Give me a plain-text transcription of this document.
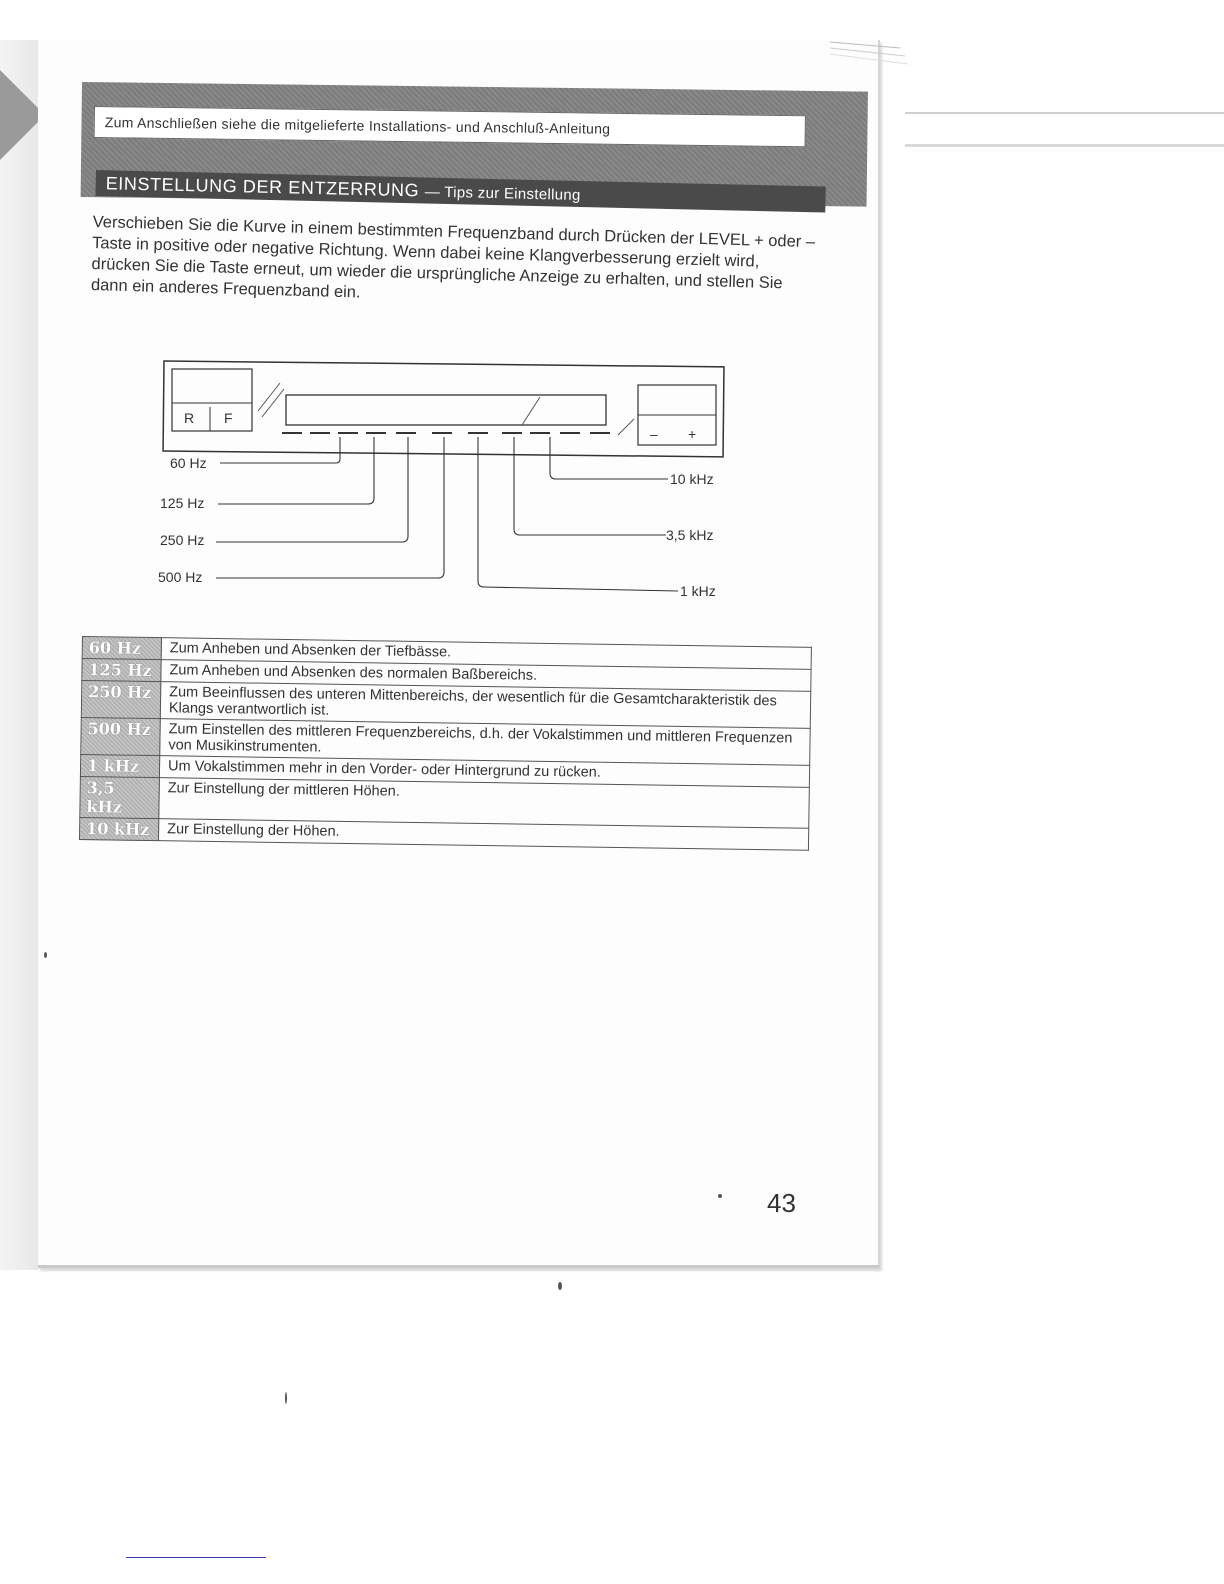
Zum Anschließen siehe die mitgelieferte Installations- und Anschluß-Anleitung
EINSTELLUNG DER ENTZERRUNG — Tips zur Einstellung
Verschieben Sie die Kurve in einem bestimmten Frequenzband durch Drücken der LEVEL + oder – Taste in positive oder negative Richtung. Wenn dabei keine Klangverbesserung erzielt wird, drücken Sie die Taste erneut, um wieder die ursprüngliche Anzeige zu erhalten, und stellen Sie dann ein anderes Frequenzband ein.
R F
– +
60 Hz
125 Hz
250 Hz
500 Hz
10 kHz
3,5 kHz
1 kHz
60 Hz	Zum Anheben und Absenken der Tiefbässe.
125 Hz	Zum Anheben und Absenken des normalen Baßbereichs.
250 Hz	Zum Beeinflussen des unteren Mittenbereichs, der wesentlich für die Gesamtcharakteristik des Klangs verantwortlich ist.
500 Hz	Zum Einstellen des mittleren Frequenzbereichs, d.h. der Vokalstimmen und mittleren Frequenzen von Musikinstrumenten.
1 kHz	Um Vokalstimmen mehr in den Vorder- oder Hintergrund zu rücken.
3,5 kHz	Zur Einstellung der mittleren Höhen.
10 kHz	Zur Einstellung der Höhen.
43
